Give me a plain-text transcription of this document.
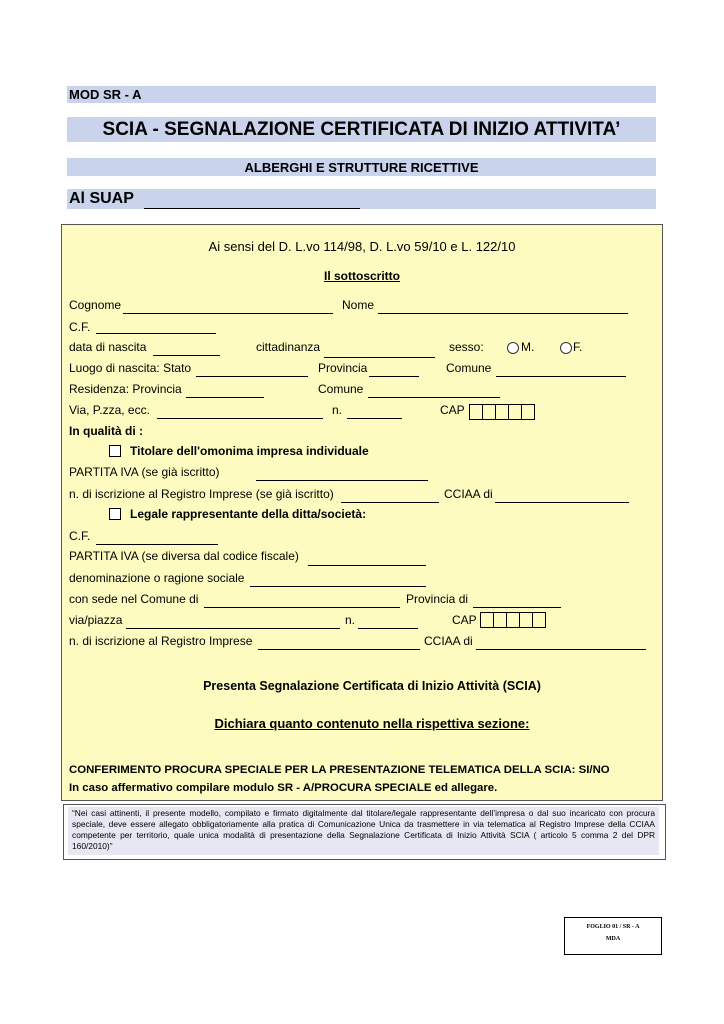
MOD SR - A
SCIA - SEGNALAZIONE CERTIFICATA DI INIZIO ATTIVITA’
ALBERGHI E STRUTTURE RICETTIVE
Al SUAP
Ai sensi del D. L.vo 114/98, D. L.vo 59/10 e L. 122/10
Il sottoscritto
Cognome	Nome
C.F.
data di nascita	cittadinanza	sesso:	M.	F.
Luogo di nascita: Stato	Provincia	Comune
Residenza: Provincia	Comune
Via, P.zza, ecc.	n.	CAP
In qualità di :
Titolare dell'omonima impresa individuale
PARTITA IVA (se già iscritto)
n. di iscrizione al Registro Imprese (se già iscritto)	CCIAA di
Legale rappresentante della ditta/società:
C.F.
PARTITA IVA (se diversa dal codice fiscale)
denominazione o ragione sociale
con sede nel Comune di	Provincia di
via/piazza	n.	CAP
n. di iscrizione al Registro Imprese	CCIAA di
Presenta Segnalazione Certificata di Inizio Attività (SCIA)
Dichiara quanto contenuto nella rispettiva sezione:
CONFERIMENTO PROCURA SPECIALE PER LA PRESENTAZIONE TELEMATICA DELLA SCIA: SI/NO
In caso affermativo compilare modulo SR - A/PROCURA SPECIALE ed allegare.
“Nei casi attinenti, il presente modello, compilato e firmato digitalmente dal titolare/legale rappresentante dell’impresa o dal suo incaricato con procura speciale, deve essere allegato obbligatoriamente alla pratica di Comunicazione Unica da trasmettere in via telematica al Registro Imprese della CCIAA competente per territorio, quale unica modalità di presentazione della Segnalazione Certificata di Inizio Attività SCIA ( articolo 5 comma 2 del DPR 160/2010)”
FOGLIO 01 / SR - A
MDA
